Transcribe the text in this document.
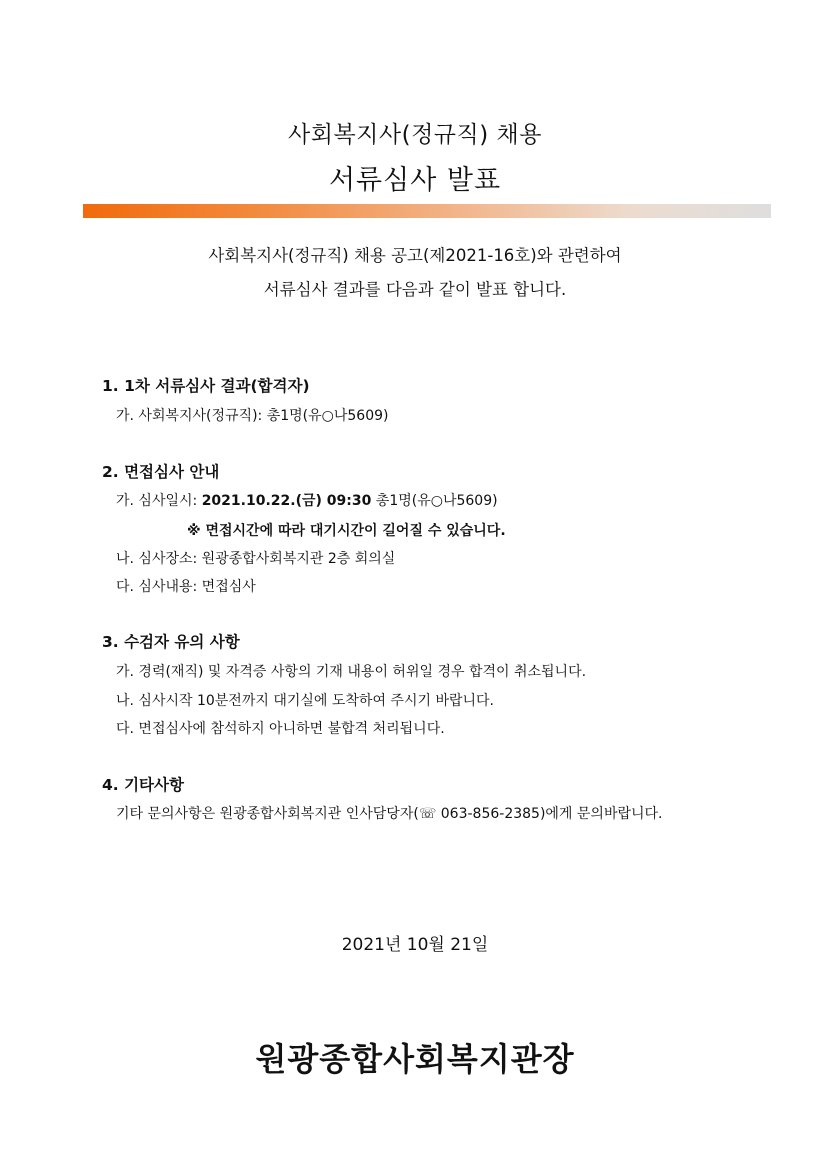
사회복지사(정규직) 채용
서류심사 발표
사회복지사(정규직) 채용 공고(제2021-16호)와 관련하여
서류심사 결과를 다음과 같이 발표 합니다.
1. 1차 서류심사 결과(합격자)
가. 사회복지사(정규직): 총1명(유○나5609)
2. 면접심사 안내
가. 심사일시: 2021.10.22.(금) 09:30 총1명(유○나5609)
※ 면접시간에 따라 대기시간이 길어질 수 있습니다.
나. 심사장소: 원광종합사회복지관 2층 회의실
다. 심사내용: 면접심사
3. 수검자 유의 사항
가. 경력(재직) 및 자격증 사항의 기재 내용이 허위일 경우 합격이 취소됩니다.
나. 심사시작 10분전까지 대기실에 도착하여 주시기 바랍니다.
다. 면접심사에 참석하지 아니하면 불합격 처리됩니다.
4. 기타사항
기타 문의사항은 원광종합사회복지관 인사담당자(☏ 063-856-2385)에게 문의바랍니다.
2021년 10월 21일
원광종합사회복지관장
